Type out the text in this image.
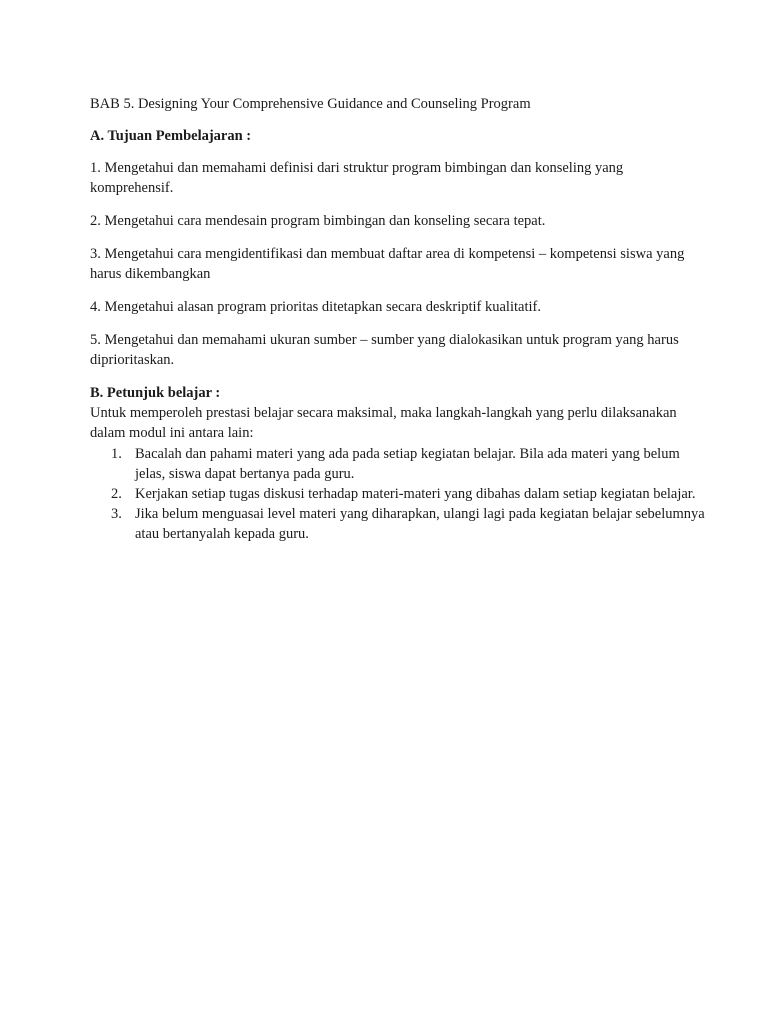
BAB 5. Designing Your Comprehensive Guidance and Counseling Program

A. Tujuan Pembelajaran :

1. Mengetahui dan memahami definisi dari struktur program bimbingan dan konseling yang komprehensif.

2. Mengetahui cara mendesain program bimbingan dan konseling secara tepat.

3. Mengetahui cara mengidentifikasi dan membuat daftar area di kompetensi – kompetensi siswa yang harus dikembangkan

4. Mengetahui alasan program prioritas ditetapkan secara deskriptif kualitatif.

5. Mengetahui dan memahami ukuran sumber – sumber yang dialokasikan untuk program yang harus diprioritaskan.

B. Petunjuk belajar :

Untuk memperoleh prestasi belajar secara maksimal, maka langkah-langkah yang perlu dilaksanakan dalam modul ini antara lain:

1. Bacalah dan pahami materi yang ada pada setiap kegiatan belajar. Bila ada materi yang belum jelas, siswa dapat bertanya pada guru.
2. Kerjakan setiap tugas diskusi terhadap materi-materi yang dibahas dalam setiap kegiatan belajar.
3. Jika belum menguasai level materi yang diharapkan, ulangi lagi pada kegiatan belajar sebelumnya atau bertanyalah kepada guru.
